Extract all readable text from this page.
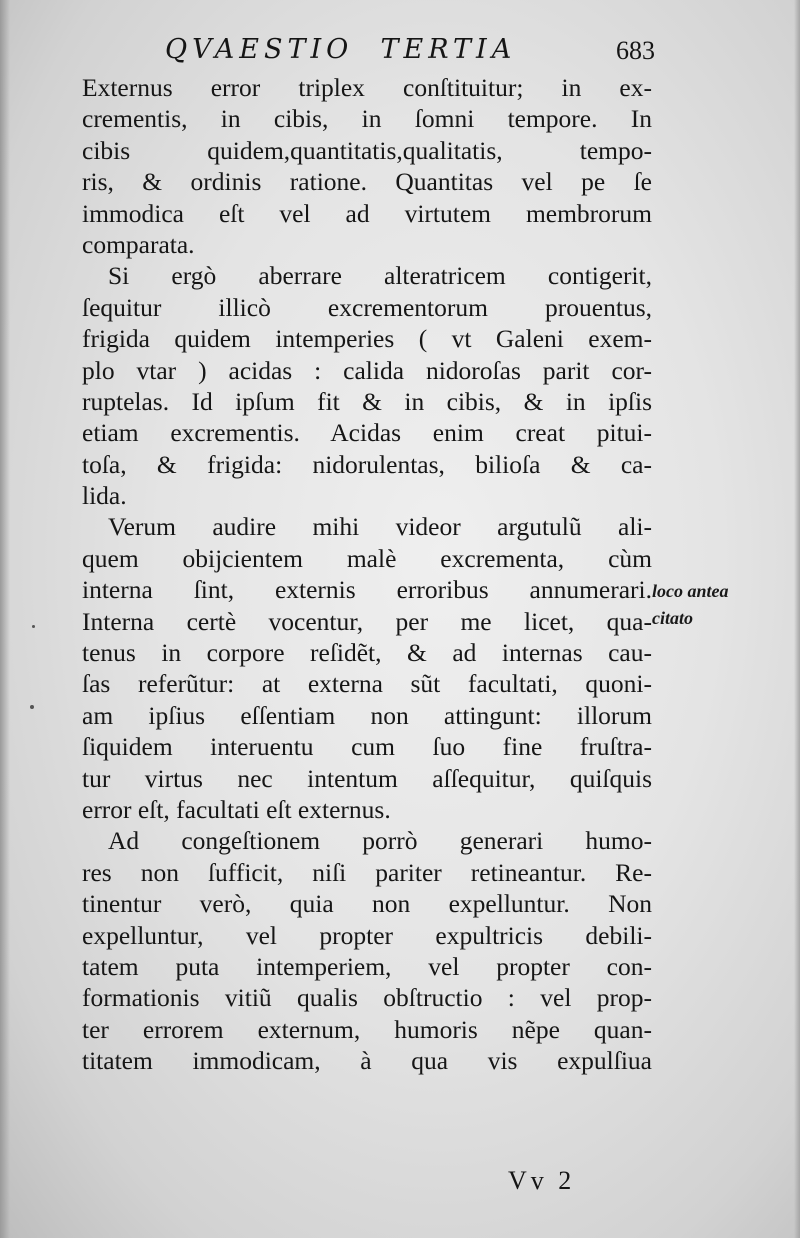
QVAESTIO  TERTIA	683
Externus error triplex conſtituitur; in ex-
crementis, in cibis, in ſomni tempore. In
cibis quidem,quantitatis,qualitatis, tempo-
ris, & ordinis ratione. Quantitas vel pe ſe
immodica eſt vel ad virtutem membrorum
comparata.
Si ergò aberrare alteratricem contigerit,
ſequitur illicò excrementorum prouentus,
frigida quidem intemperies ( vt Galeni exem-
plo vtar ) acidas : calida nidoroſas parit cor-
ruptelas. Id ipſum fit & in cibis, & in ipſis
etiam excrementis. Acidas enim creat pitui-
toſa, & frigida: nidorulentas, bilioſa & ca-
lida.
Verum audire mihi videor argutulũ ali-
quem obijcientem malè excrementa, cùm
interna ſint, externis erroribus annumerari.
Interna certè vocentur, per me licet, qua-
tenus in corpore reſidẽt, & ad internas cau-
ſas referũtur: at externa sũt facultati, quoni-
am ipſius eſſentiam non attingunt: illorum
ſiquidem interuentu cum ſuo fine fruſtra-
tur virtus nec intentum aſſequitur, quiſquis
error eſt, facultati eſt externus.
Ad congeſtionem porrò generari humo-
res non ſufficit, niſi pariter retineantur. Re-
tinentur verò, quia non expelluntur. Non
expelluntur, vel propter expultricis debili-
tatem puta intemperiem, vel propter con-
formationis vitiũ qualis obſtructio : vel prop-
ter errorem externum, humoris nẽpe quan-
titatem immodicam, à qua vis expulſiua
loco antea
citato
Vv 2
